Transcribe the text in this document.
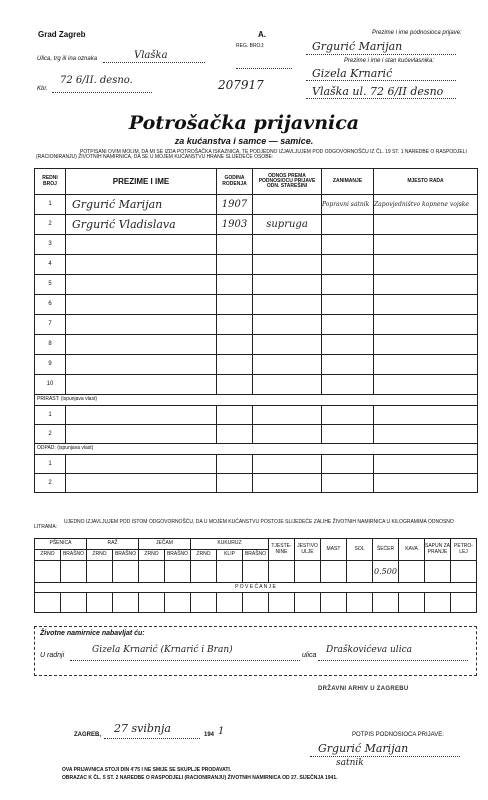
Grad Zagreb	A.
Ulica, trg ili ina oznaka	Vlaška
Kbr.
72 6/II. desno.
REG. BROJ:
207917
Prezime i ime podnosioca prijave:
Grgurić Marijan
Prezime i ime i stan kućevlasnika:
Gizela Krnarić
Vlaška ul. 72 6/II desno
Potrošačka prijavnica
za kućanstva i samce — samice.
POTPISANI OVIM MOLIM, DA MI SE IZDA POTROŠAČKA ISKAZNICA, TE PODJEDNO IZJAVLJUJEM POD ODGOVORNOŠĆU IZ ČL. 19 ST. 1 NAREDBE O RASPODJELI (RACIONIRANJU) ŽIVOTNIH NAMIRNICA, DA SE U MOJEM KUĆANSTVU HRANE SLIJEDEĆE OSOBE:
REDNI BROJ	PREZIME I IME	GODINA RODENJA	ODNOS PREMA PODNOSIOCU PRIJAVE ODN. STAREŠINI	ZANIMANJE	MJESTO RADA
1	Grgurić Marijan	1907		Popravni satnik	Zapovjedništvo kopnene vojske
2	Grgurić Vladislava	1903	supruga		
3					
4					
5					
6					
7					
8					
9					
10					
PRIRAST: (ispunjava vlast)					
1					
2					
ODPAD: (ispunjava vlast)					
1					
2					
UJEDNO IZJAVLJUJEM POD ISTOM ODGOVORNOŠĆU, DA U MOJEM KUĆANSTVU POSTOJE SLIJEDEĆE ZALIHE ŽIVOTNIH NAMIRNICA U KILOGRAMIMA ODNOSNO LITRAMA:
PŠENICA		RAŽ		JEČAM		KUKURUZ			TJESTE-NINE	JESTIVO ULJE	MAST	SOL	ŠEĆER	KAVA	SAPUN ZA PRANJE	PETRO-LEJ
ZRNO	BRAŠNO	ZRNO	BRAŠNO	ZRNO	BRAŠNO	ZRNO	KLIP	BRAŠNO								
													0.500			
P O V E Ć A N J E																

Životne namirnice nabavljat ću:
U radnji
Gizela Krnarić (Krnarić i Bran)
ulica
Draškovićeva ulica
DRŽAVNI ARHIV U ZAGREBU
ZAGREB, 27 svibnja	194 1	POTPIS PODNOSIOCA PRIJAVE:
Grgurić Marijan
satnik
OVA PRIJAVNICA STOJI DIN 4'75 I NE SMIJE SE SKUPLJE PRODAVATI.
OBRAZAC K ČL. 5 ST. 2 NAREDBE O RASPODJELI (RACIONIRANJU) ŽIVOTNIH NAMIRNICA OD 27. SIJEČNJA 1941.
